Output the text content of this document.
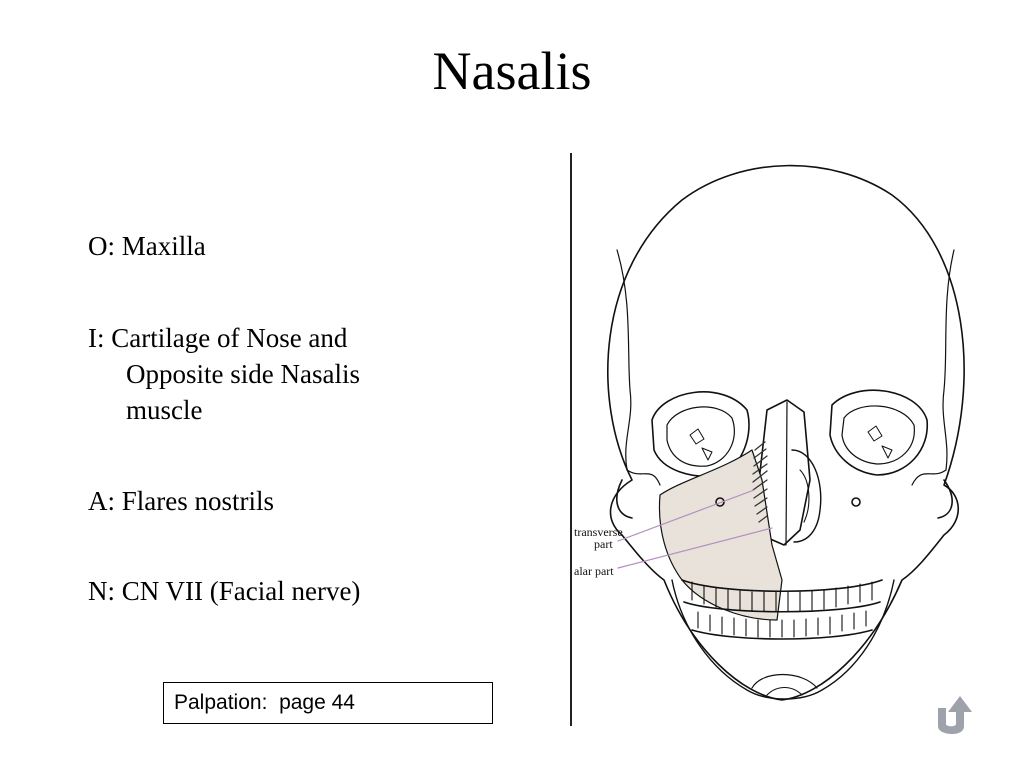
Nasalis
O: Maxilla
I: Cartilage of Nose and
Opposite side Nasalis
muscle
A: Flares nostrils
N: CN VII (Facial nerve)
Palpation:  page 44
transverse
part
alar part
